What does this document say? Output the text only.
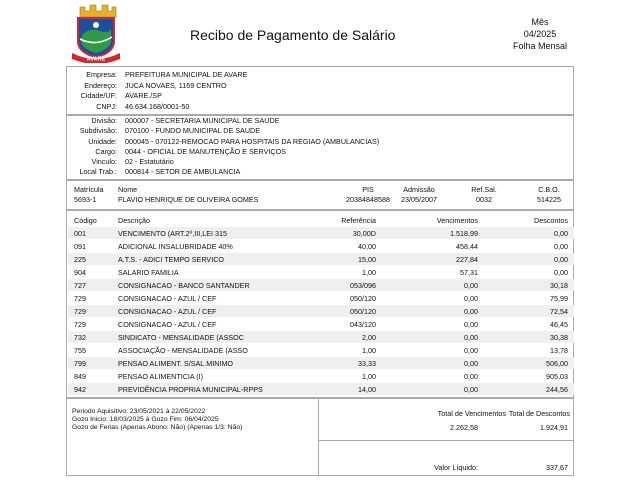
AVARÉ
Recibo de Pagamento de Salário
Mês
04/2025
Folha Mensal
Empresa: PREFEITURA MUNICIPAL DE AVARE
Endereço: JUCA NOVAES, 1169 CENTRO
Cidade/UF: AVARE./SP
CNPJ: 46.634.168/0001-50
Divisão: 000007 - SECRETARIA MUNICIPAL DE SAUDE
Subdivisão: 070100 - FUNDO MUNICIPAL DE SAUDE
Unidade: 000045 - 070122-REMOCAO PARA HOSPITAIS DA REGIAO (AMBULANCIAS)
Cargo: 0044 - OFICIAL DE MANUTENÇÃO E SERVIÇOS
Vinculo: 02 - Estatutário
Local Trab.: 000814 - SETOR DE AMBULANCIA
Matrícula
5693-1
Nome
FLAVIO HENRIQUE DE OLIVEIRA GOMES
PIS
20384848588
Admissão
23/05/2007
Ref.Sal.
0032
C.B.O.
514225
Código	Descrição	Referência	Vencimentos	Descontos
001	VENCIMENTO (ART.2º,III,LEI 315	30,00D	1.518,99	0,00
091	ADICIONAL INSALUBRIDADE 40%	40,00	458,44	0,00
225	A.T.S. - ADICI TEMPO SERVICO	15,00	227,84	0,00
904	SALARIO FAMILIA	1,00	57,31	0,00
727	CONSIGNACAO - BANCO SANTANDER	053/096	0,00	30,18
729	CONSIGNACAO - AZUL / CEF	050/120	0,00	75,99
729	CONSIGNACAO - AZUL / CEF	050/120	0,00	72,54
729	CONSIGNACAO - AZUL / CEF	043/120	0,00	46,45
732	SINDICATO - MENSALIDADE (ASSOC	2,00	0,00	30,38
755	ASSOCIAÇÃO - MENSALIDADE (ASSO	1,00	0,00	13,78
799	PENSAO ALIMENT. S/SAL.MINIMO	33,33	0,00	506,00
849	PENSAO ALIMENTICIA (I)	1,00	0,00	905,03
942	PREVIDÊNCIA PROPRIA MUNICIPAL-RPPS	14,00	0,00	244,56
Periodo Aquisitivo: 23/05/2021 à 22/05/2022
Gozo Inicio: 18/03/2025 à Gozo Fim: 06/04/2025
Gozo de Ferias (Apenas Abono: Não) (Apenas 1/3: Não)
Total de Vencimentos
2.262,58
Total de Descontos
1.924,91
Valor Líquido:	337,67
